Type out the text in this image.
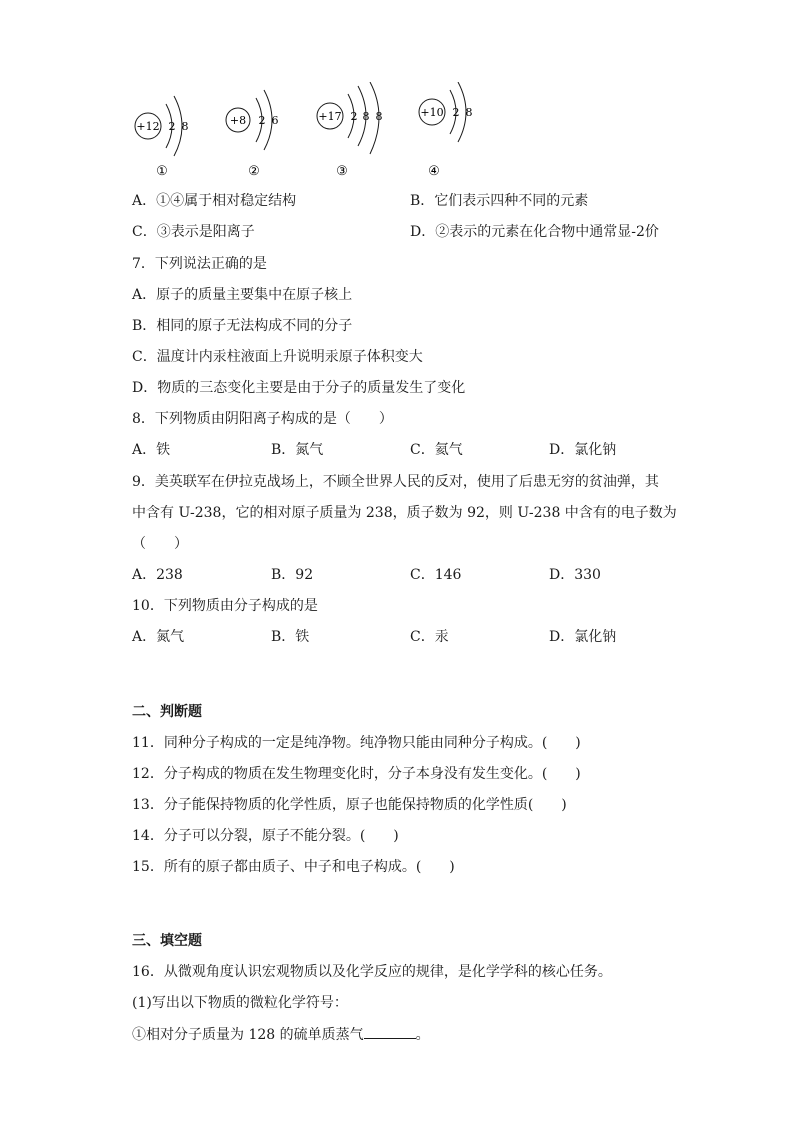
+12 2 8
①
+8 2 6
②
+17 2 8 8
③
+10 2 8
④
A．①④属于相对稳定结构	B．它们表示四种不同的元素
C．③表示是阳离子	D．②表示的元素在化合物中通常显-2价
7．下列说法正确的是
A．原子的质量主要集中在原子核上
B．相同的原子无法构成不同的分子
C．温度计内汞柱液面上升说明汞原子体积变大
D．物质的三态变化主要是由于分子的质量发生了变化
8．下列物质由阴阳离子构成的是（　　）
A．铁	B．氮气	C．氦气	D．氯化钠
9．美英联军在伊拉克战场上，不顾全世界人民的反对，使用了后患无穷的贫油弹，其
中含有 U-238，它的相对原子质量为 238，质子数为 92，则 U-238 中含有的电子数为
（　　）
A．238	B．92	C．146	D．330
10．下列物质由分子构成的是
A．氮气	B．铁	C．汞	D．氯化钠
二、判断题
11．同种分子构成的一定是纯净物。纯净物只能由同种分子构成。(　　)
12．分子构成的物质在发生物理变化时，分子本身没有发生变化。(　　)
13．分子能保持物质的化学性质，原子也能保持物质的化学性质(　　)
14．分子可以分裂，原子不能分裂。(　　)
15．所有的原子都由质子、中子和电子构成。(　　)
三、填空题
16．从微观角度认识宏观物质以及化学反应的规律，是化学学科的核心任务。
(1)写出以下物质的微粒化学符号：
①相对分子质量为 128 的硫单质蒸气	。
